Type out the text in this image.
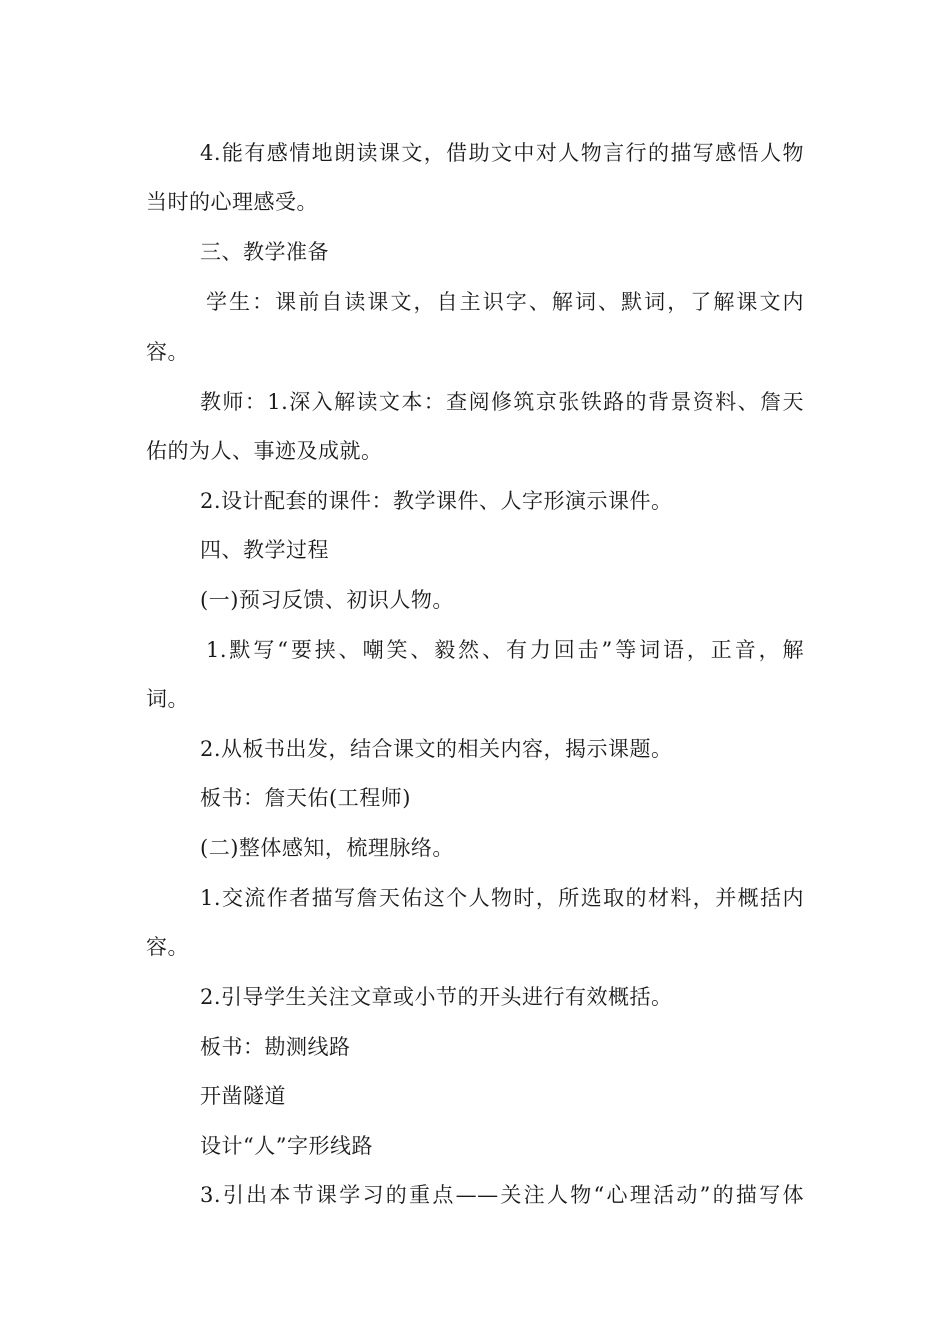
4.能有感情地朗读课文，借助文中对人物言行的描写感悟人物
当时的心理感受。
三、教学准备
学生：课前自读课文，自主识字、解词、默词，了解课文内
容。
教师：1.深入解读文本：查阅修筑京张铁路的背景资料、詹天
佑的为人、事迹及成就。
2.设计配套的课件：教学课件、人字形演示课件。
四、教学过程
(一)预习反馈、初识人物。
1.默写“要挟、嘲笑、毅然、有力回击”等词语，正音，解
词。
2.从板书出发，结合课文的相关内容，揭示课题。
板书：詹天佑(工程师)
(二)整体感知，梳理脉络。
1.交流作者描写詹天佑这个人物时，所选取的材料，并概括内
容。
2.引导学生关注文章或小节的开头进行有效概括。
板书：勘测线路
开凿隧道
设计“人”字形线路
3.引出本节课学习的重点——关注人物“心理活动”的描写体
